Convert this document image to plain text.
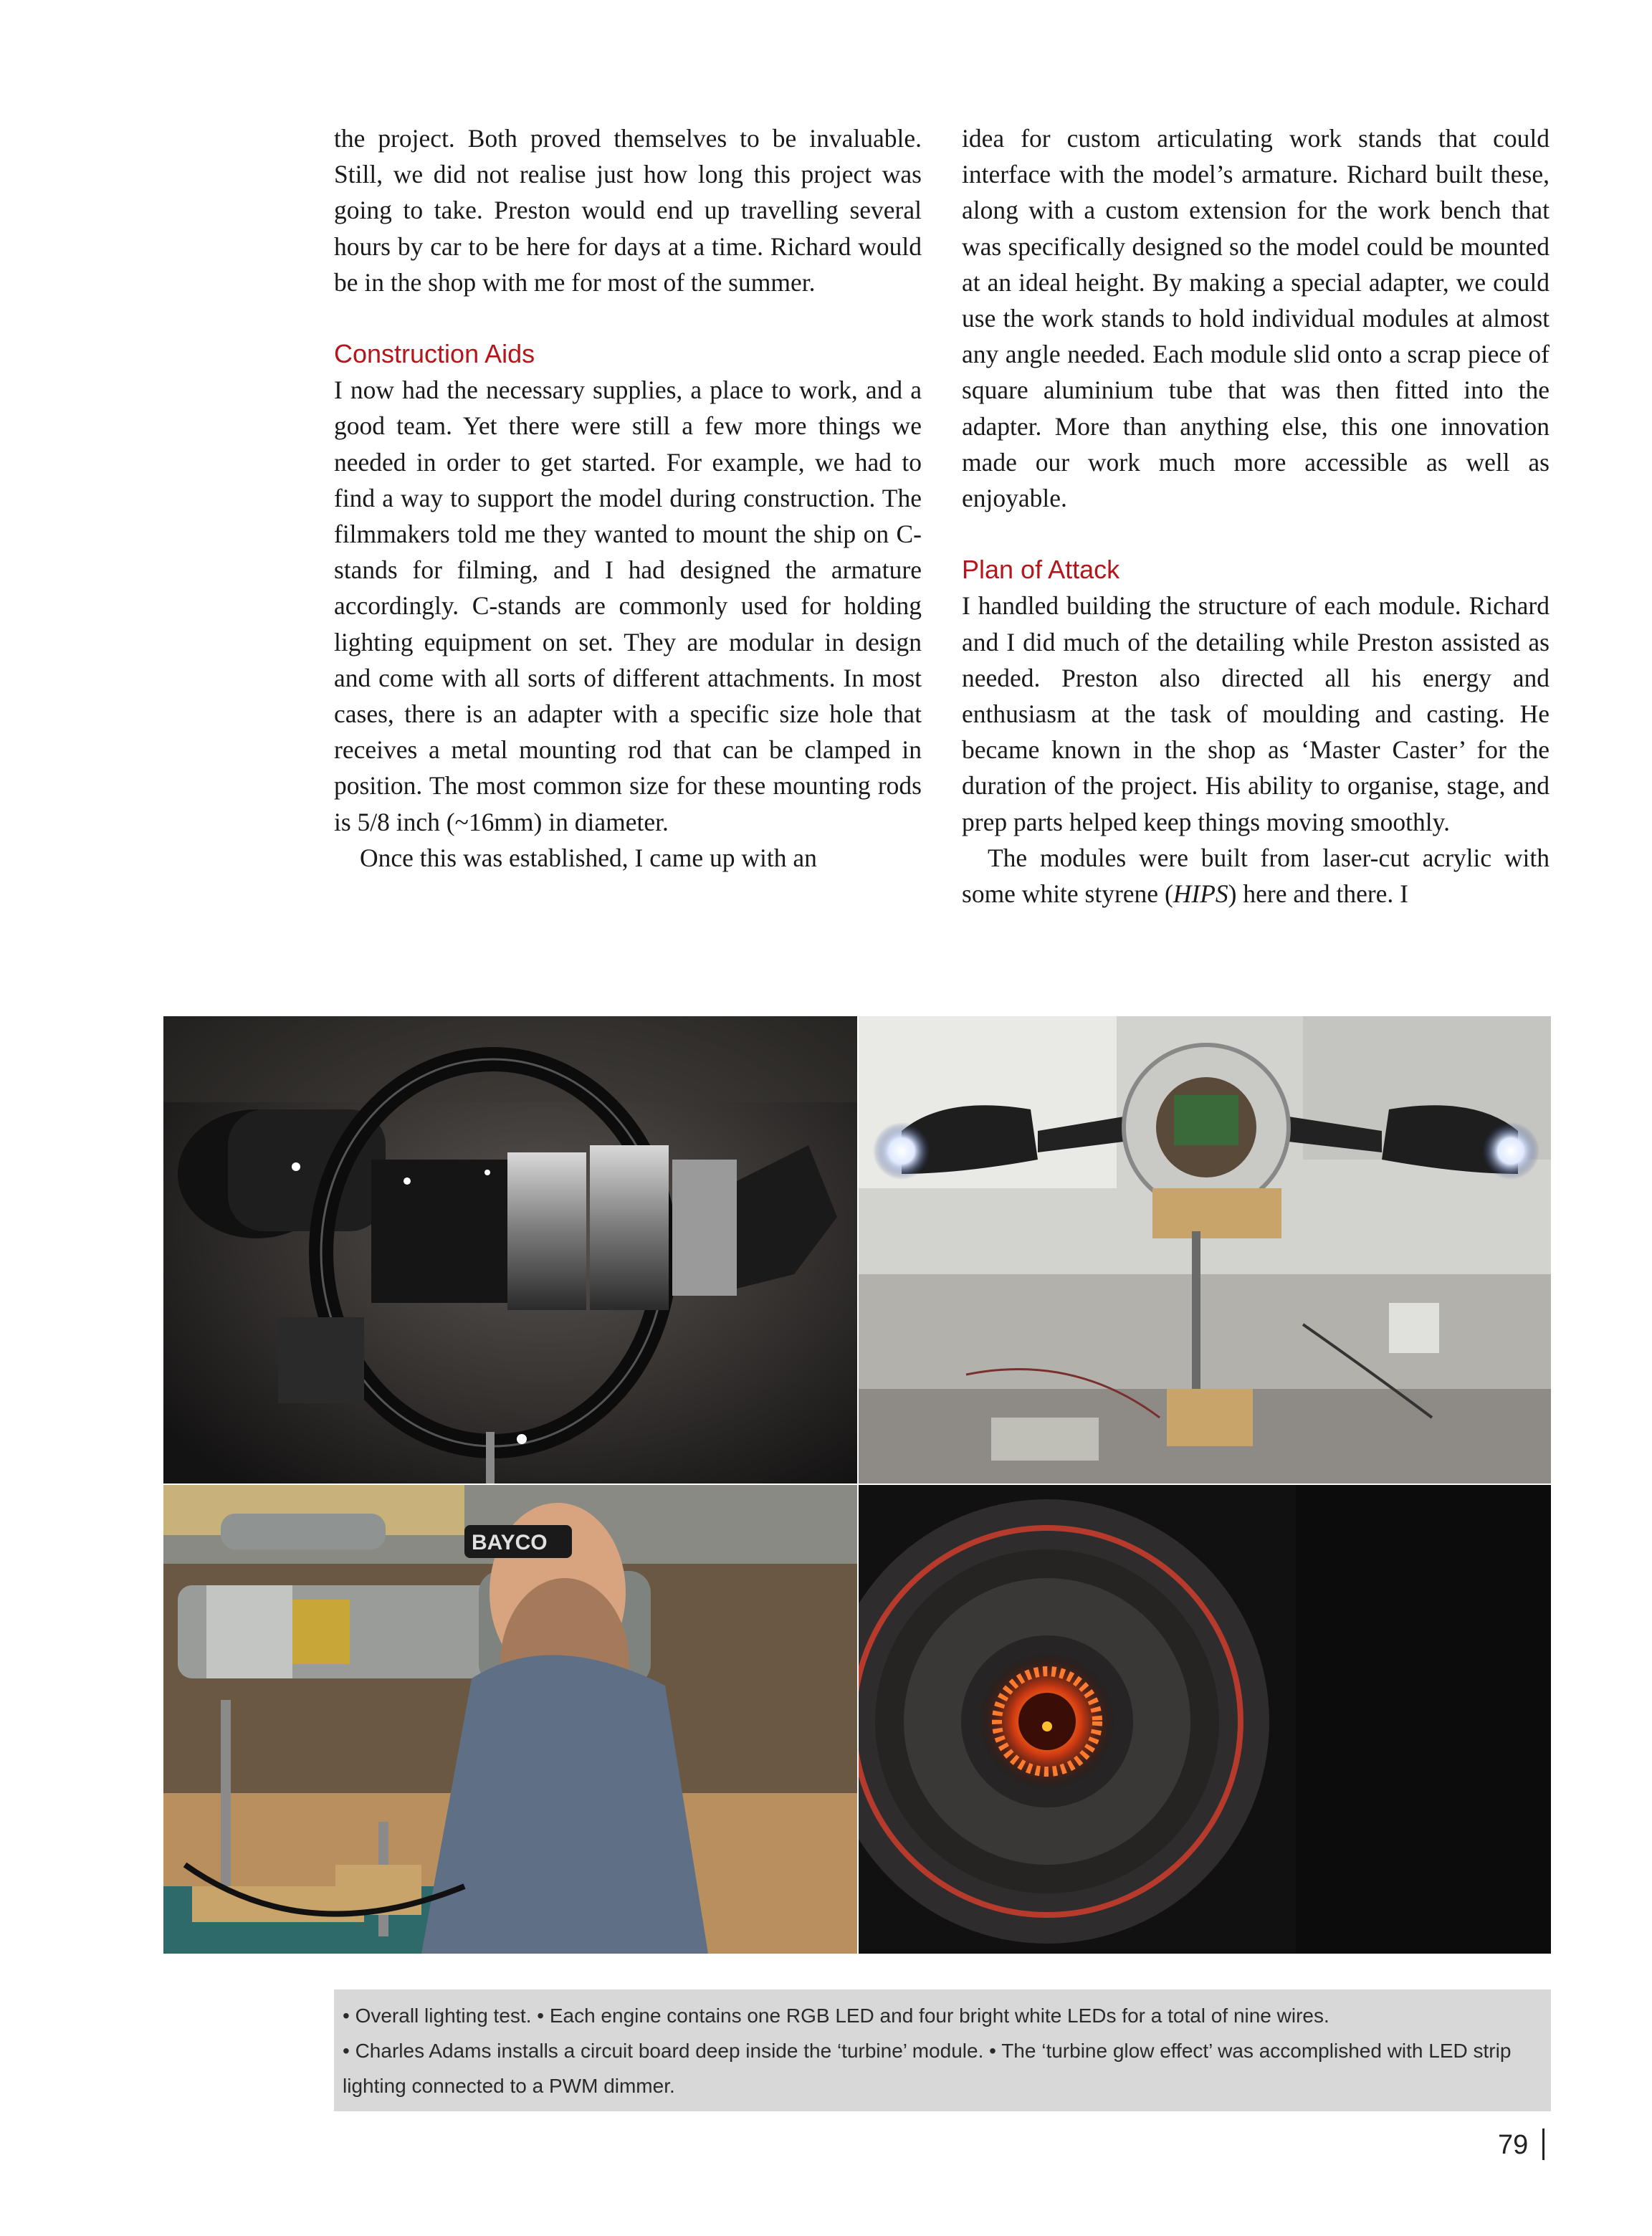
the project. Both proved themselves to be invaluable. Still, we did not realise just how long this project was going to take. Preston would end up travelling several hours by car to be here for days at a time. Richard would be in the shop with me for most of the summer.

Construction Aids

I now had the necessary supplies, a place to work, and a good team. Yet there were still a few more things we needed in order to get started. For example, we had to find a way to support the model during construction. The filmmakers told me they wanted to mount the ship on C-stands for filming, and I had designed the armature accordingly. C-stands are commonly used for holding lighting equipment on set. They are modular in design and come with all sorts of different attachments. In most cases, there is an adapter with a specific size hole that receives a metal mounting rod that can be clamped in position. The most common size for these mounting rods is 5/8 inch (~16mm) in diameter.

Once this was established, I came up with an

idea for custom articulating work stands that could interface with the model’s armature. Richard built these, along with a custom extension for the work bench that was specifically designed so the model could be mounted at an ideal height. By making a special adapter, we could use the work stands to hold individual modules at almost any angle needed. Each module slid onto a scrap piece of square aluminium tube that was then fitted into the adapter. More than anything else, this one innovation made our work much more accessible as well as enjoyable.

Plan of Attack

I handled building the structure of each module. Richard and I did much of the detailing while Preston assisted as needed. Preston also directed all his energy and enthusiasm at the task of moulding and casting. He became known in the shop as ‘Master Caster’ for the duration of the project. His ability to organise, stage, and prep parts helped keep things moving smoothly.

The modules were built from laser-cut acrylic with some white styrene (HIPS) here and there. I

BAYCO

• Overall lighting test. • Each engine contains one RGB LED and four bright white LEDs for a total of nine wires.

• Charles Adams installs a circuit board deep inside the ‘turbine’ module. • The ‘turbine glow effect’ was accomplished with LED strip lighting connected to a PWM dimmer.

79
